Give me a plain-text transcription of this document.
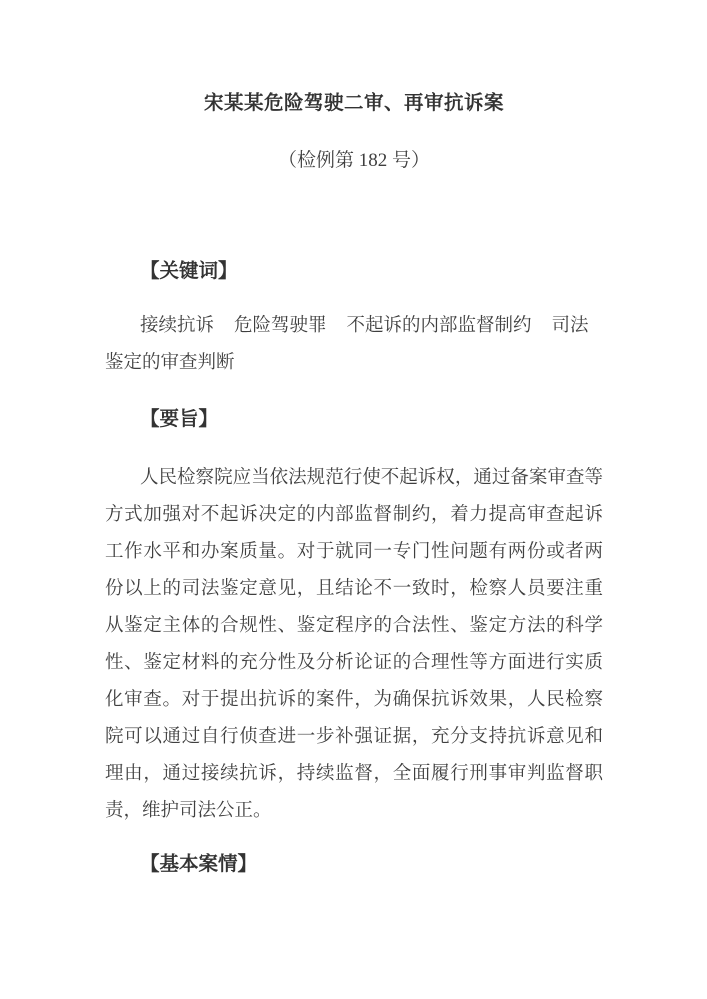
宋某某危险驾驶二审、再审抗诉案

（检例第 182 号）

【关键词】

接续抗诉 危险驾驶罪 不起诉的内部监督制约 司法鉴定的审查判断

【要旨】

人民检察院应当依法规范行使不起诉权，通过备案审查等方式加强对不起诉决定的内部监督制约，着力提高审查起诉工作水平和办案质量。对于就同一专门性问题有两份或者两份以上的司法鉴定意见，且结论不一致时，检察人员要注重从鉴定主体的合规性、鉴定程序的合法性、鉴定方法的科学性、鉴定材料的充分性及分析论证的合理性等方面进行实质化审查。对于提出抗诉的案件，为确保抗诉效果，人民检察院可以通过自行侦查进一步补强证据，充分支持抗诉意见和理由，通过接续抗诉，持续监督，全面履行刑事审判监督职责，维护司法公正。

【基本案情】
